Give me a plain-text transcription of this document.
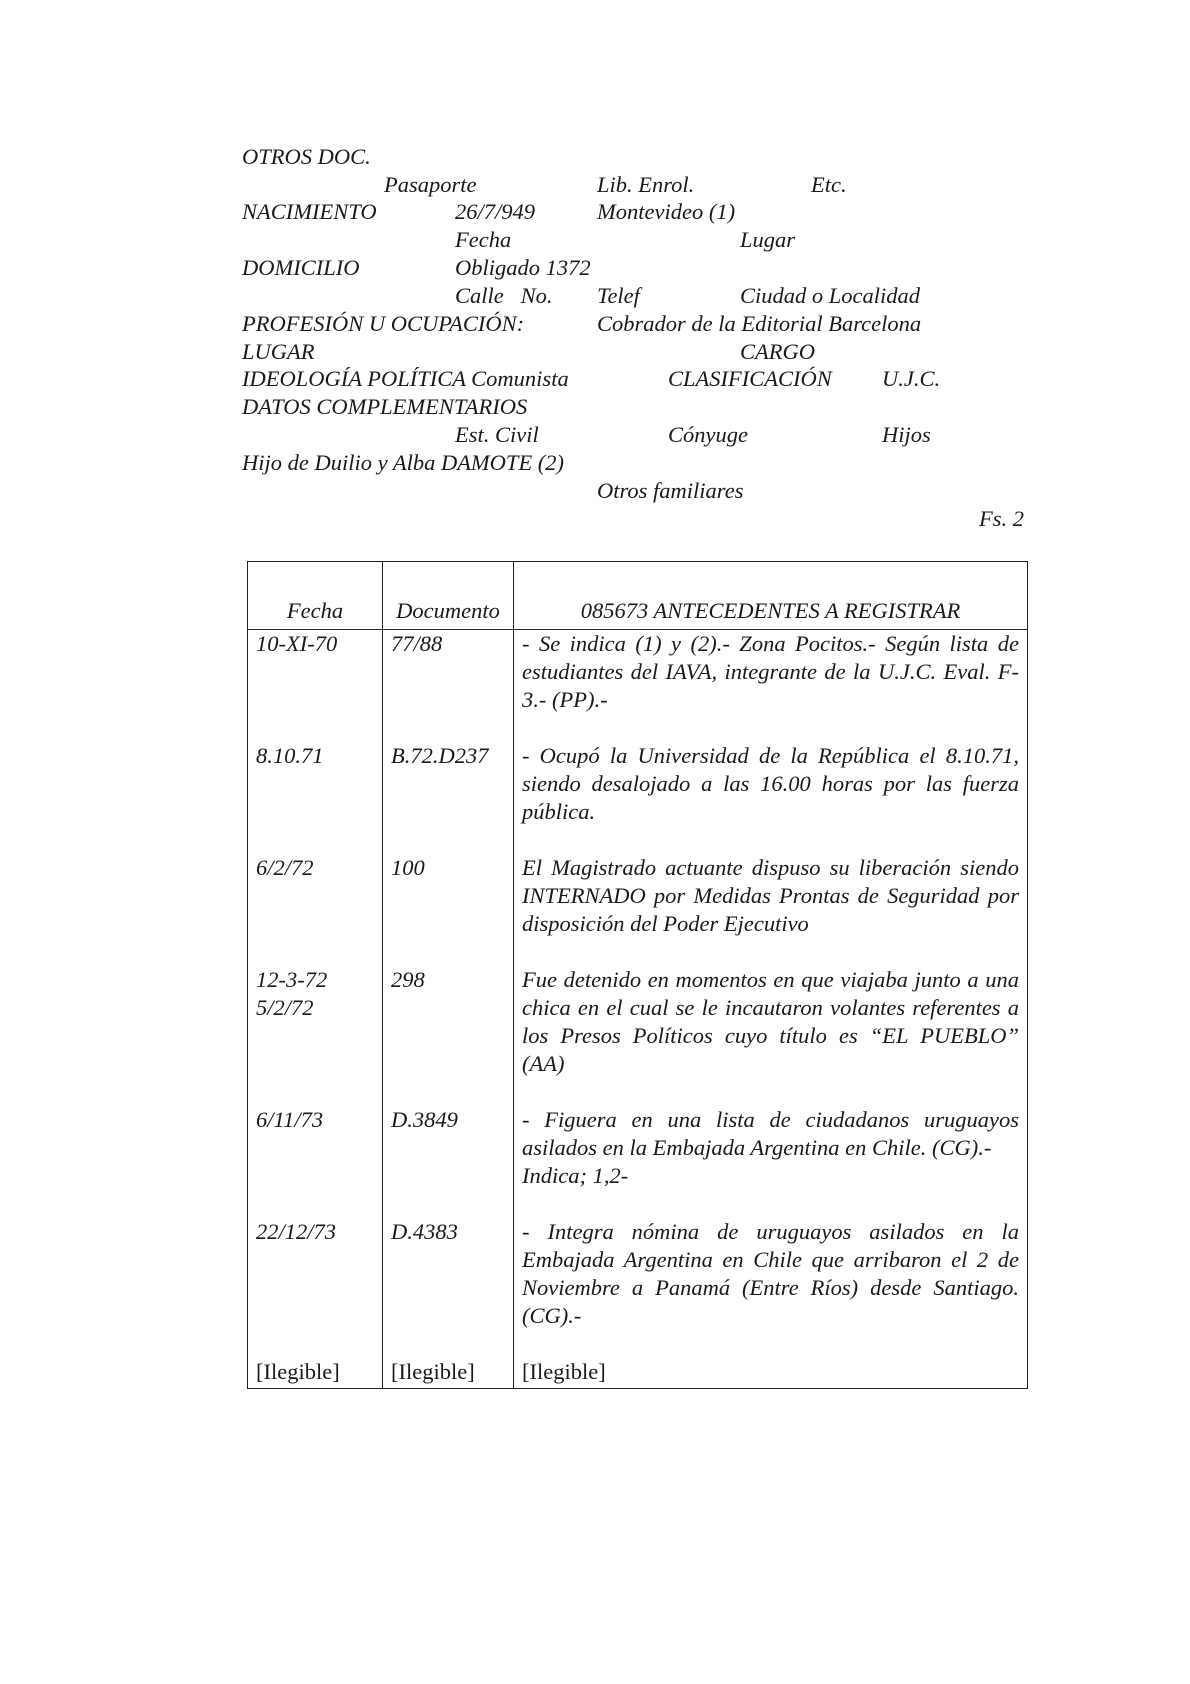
OTROS DOC.
Pasaporte	Lib. Enrol.	Etc.
NACIMIENTO	26/7/949	Montevideo (1)
Fecha	Lugar
DOMICILIO	Obligado 1372
Calle   No. Telef	Ciudad o Localidad
PROFESIÓN U OCUPACIÓN:	Cobrador de la Editorial Barcelona
LUGAR	CARGO
IDEOLOGÍA POLÍTICA Comunista	CLASIFICACIÓN U.J.C.
DATOS COMPLEMENTARIOS
Est. Civil	Cónyuge	Hijos
Hijo de Duilio y Alba DAMOTE (2)
Otros familiares
Fs. 2
Fecha	Documento	085673 ANTECEDENTES A REGISTRAR

10-XI-70	77/88	- Se indica (1) y (2).- Zona Pocitos.- Según lista de estudiantes del IAVA, integrante de la U.J.C. Eval. F-3.- (PP).-

8.10.71	B.72.D237	- Ocupó la Universidad de la República el 8.10.71, siendo desalojado a las 16.00 horas por las fuerza pública.

6/2/72	100	El Magistrado actuante dispuso su liberación siendo INTERNADO por Medidas Prontas de Seguridad por disposición del Poder Ejecutivo

12-3-72
5/2/72	298	Fue detenido en momentos en que viajaba junto a una chica en el cual se le incautaron volantes referentes a los Presos Políticos cuyo título es “EL PUEBLO” (AA)

6/11/73	D.3849	- Figuera en una lista de ciudadanos uruguayos asilados en la Embajada Argentina en Chile. (CG).-
Indica; 1,2-

22/12/73	D.4383	- Integra nómina de uruguayos asilados en la Embajada Argentina en Chile que arribaron el 2 de Noviembre a Panamá (Entre Ríos) desde Santiago. (CG).-

[Ilegible]	[Ilegible]	[Ilegible]
